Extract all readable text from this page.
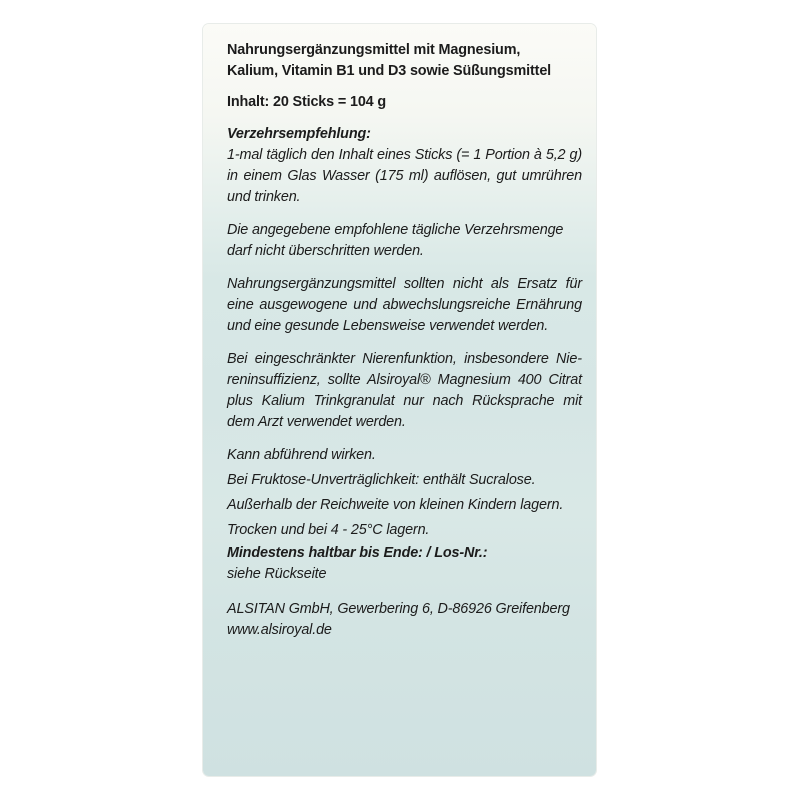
Nahrungsergänzungsmittel mit Magnesium,

Kalium, Vitamin B1 und D3 sowie Süßungsmittel

Inhalt: 20 Sticks = 104 g

Verzehrsempfehlung:

1-mal täglich den Inhalt eines Sticks (= 1 Portion à 5,2 g) in einem Glas Wasser (175 ml) auflösen, gut umrühren und trinken.

Die angegebene empfohlene tägliche Verzehrsmenge darf nicht überschritten werden.

Nahrungsergänzungsmittel sollten nicht als Ersatz für eine ausgewogene und abwechslungsreiche Ernährung und eine gesunde Lebensweise verwendet werden.

Bei eingeschränkter Nierenfunktion, insbesondere Niereninsuffizienz, sollte Alsiroyal® Magnesium 400 Citrat plus Kalium Trinkgranulat nur nach Rücksprache mit dem Arzt verwendet werden.

Kann abführend wirken.

Bei Fruktose-Unverträglichkeit: enthält Sucralose.

Außerhalb der Reichweite von kleinen Kindern lagern.

Trocken und bei 4 - 25°C lagern.

Mindestens haltbar bis Ende: / Los-Nr.:

siehe Rückseite

ALSITAN GmbH, Gewerbering 6, D-86926 Greifenberg

www.alsiroyal.de
